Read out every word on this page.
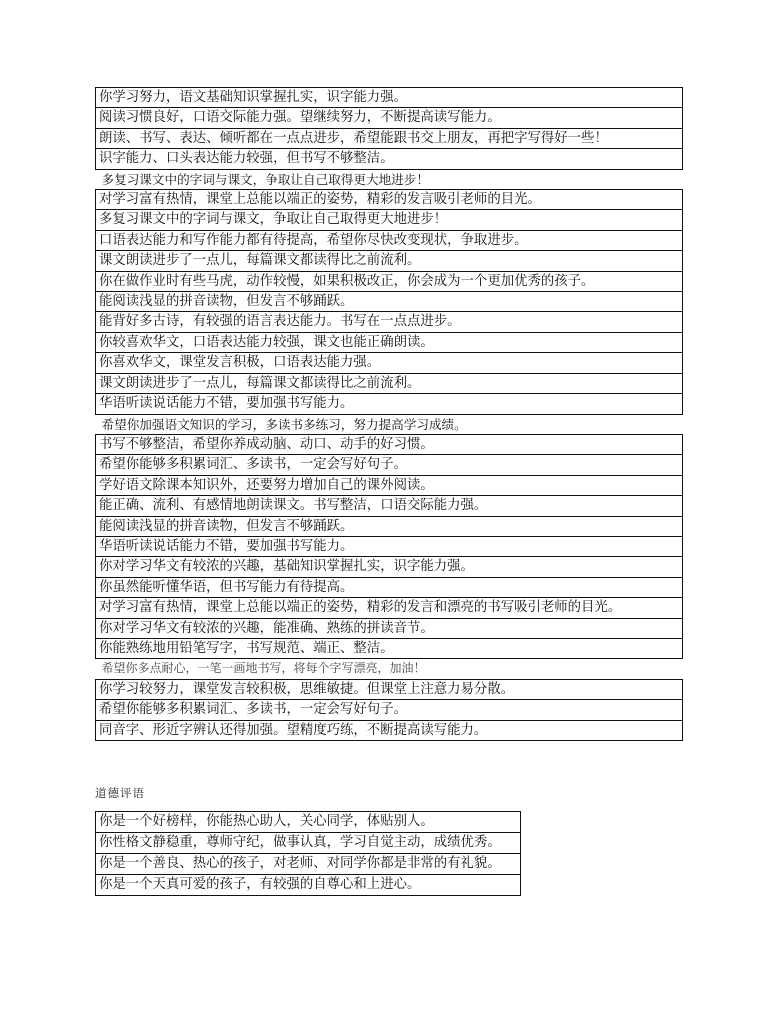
你学习努力，语文基础知识掌握扎实，识字能力强。
阅读习惯良好，口语交际能力强。望继续努力，不断提高读写能力。
朗读、书写、表达、倾听都在一点点进步，希望能跟书交上朋友，再把字写得好一些！
识字能力、口头表达能力较强，但书写不够整洁。
多复习课文中的字词与课文，争取让自己取得更大地进步！
对学习富有热情，课堂上总能以端正的姿势，精彩的发言吸引老师的目光。
多复习课文中的字词与课文，争取让自己取得更大地进步！
口语表达能力和写作能力都有待提高，希望你尽快改变现状，争取进步。
课文朗读进步了一点儿，每篇课文都读得比之前流利。
你在做作业时有些马虎，动作较慢，如果积极改正，你会成为一个更加优秀的孩子。
能阅读浅显的拼音读物，但发言不够踊跃。
能背好多古诗，有较强的语言表达能力。书写在一点点进步。
你较喜欢华文，口语表达能力较强，课文也能正确朗读。
你喜欢华文，课堂发言积极，口语表达能力强。
课文朗读进步了一点儿，每篇课文都读得比之前流利。
华语听读说话能力不错，要加强书写能力。
希望你加强语文知识的学习，多读书多练习，努力提高学习成绩。
书写不够整洁，希望你养成动脑、动口、动手的好习惯。
希望你能够多积累词汇、多读书，一定会写好句子。
学好语文除课本知识外，还要努力增加自己的课外阅读。
能正确、流利、有感情地朗读课文。书写整洁，口语交际能力强。
能阅读浅显的拼音读物，但发言不够踊跃。
华语听读说话能力不错，要加强书写能力。
你对学习华文有较浓的兴趣，基础知识掌握扎实，识字能力强。
你虽然能听懂华语，但书写能力有待提高。
对学习富有热情，课堂上总能以端正的姿势，精彩的发言和漂亮的书写吸引老师的目光。
你对学习华文有较浓的兴趣，能准确、熟练的拼读音节。
你能熟练地用铅笔写字，书写规范、端正、整洁。
希望你多点耐心，一笔一画地书写，将每个字写漂亮，加油！
你学习较努力，课堂发言较积极，思维敏捷。但课堂上注意力易分散。
希望你能够多积累词汇、多读书，一定会写好句子。
同音字、形近字辨认还得加强。望精度巧练，不断提高读写能力。
道德评语
你是一个好榜样，你能热心助人，关心同学，体贴别人。
你性格文静稳重，尊师守纪，做事认真，学习自觉主动，成绩优秀。
你是一个善良、热心的孩子，对老师、对同学你都是非常的有礼貌。
你是一个天真可爱的孩子，有较强的自尊心和上进心。
